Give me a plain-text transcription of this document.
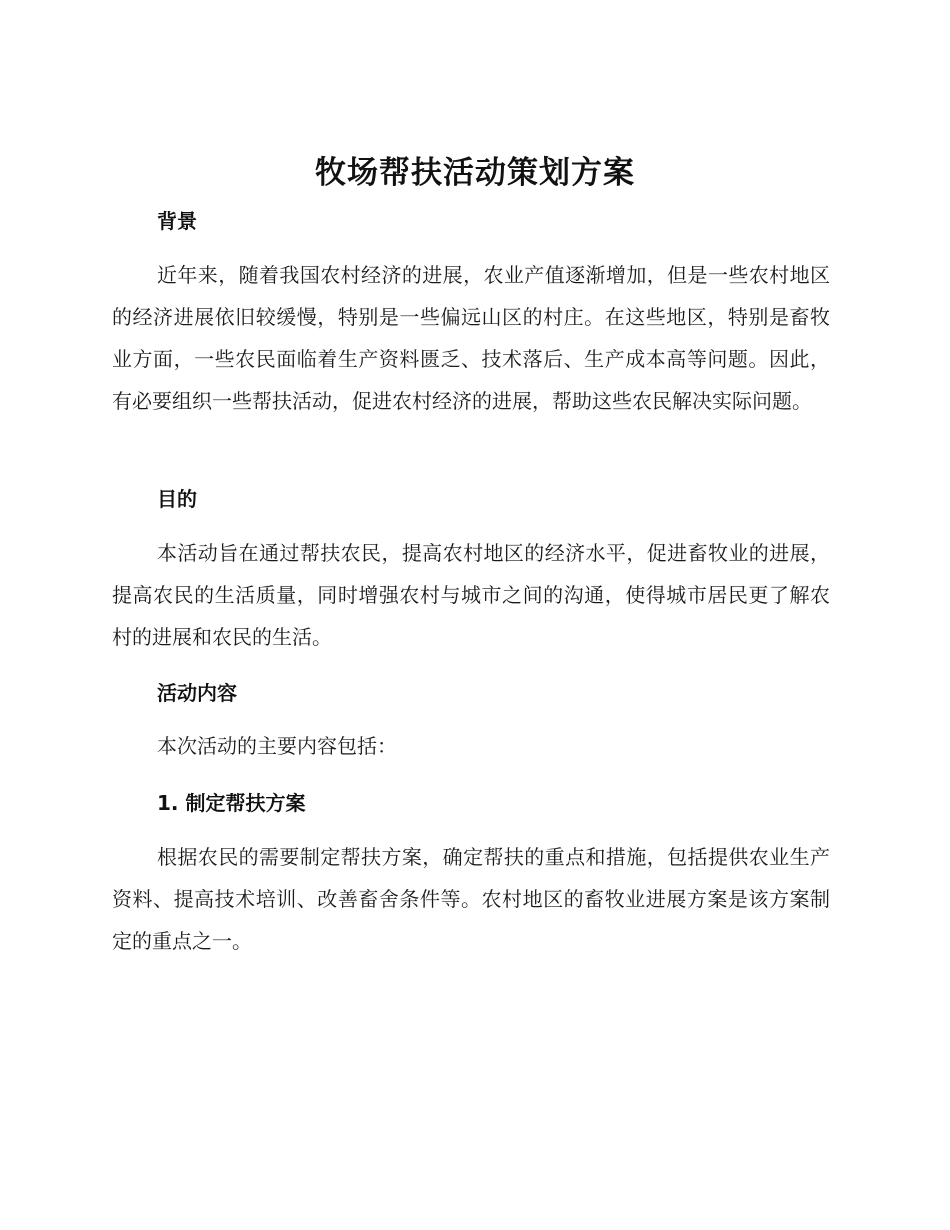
牧场帮扶活动策划方案
背景

近年来，随着我国农村经济的进展，农业产值逐渐增加，但是一些农村地区的经济进展依旧较缓慢，特别是一些偏远山区的村庄。在这些地区，特别是畜牧业方面，一些农民面临着生产资料匮乏、技术落后、生产成本高等问题。因此，有必要组织一些帮扶活动，促进农村经济的进展，帮助这些农民解决实际问题。

目的

本活动旨在通过帮扶农民，提高农村地区的经济水平，促进畜牧业的进展，提高农民的生活质量，同时增强农村与城市之间的沟通，使得城市居民更了解农村的进展和农民的生活。

活动内容

本次活动的主要内容包括：

1. 制定帮扶方案

根据农民的需要制定帮扶方案，确定帮扶的重点和措施，包括提供农业生产资料、提高技术培训、改善畜舍条件等。农村地区的畜牧业进展方案是该方案制定的重点之一。
